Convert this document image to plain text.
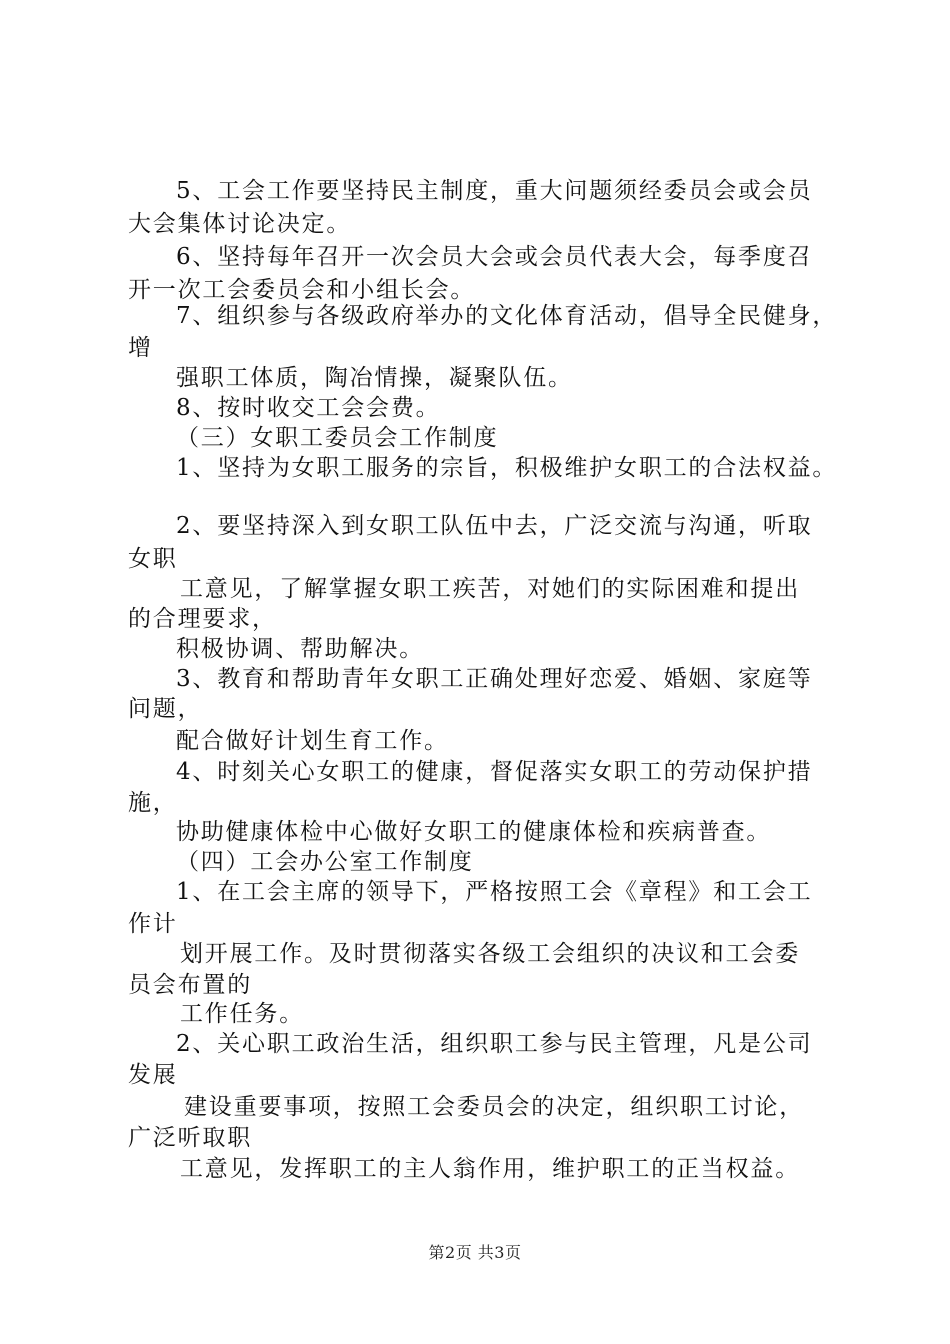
5、工会工作要坚持民主制度，重大问题须经委员会或会员
大会集体讨论决定。
6、坚持每年召开一次会员大会或会员代表大会，每季度召
开一次工会委员会和小组长会。
7、组织参与各级政府举办的文化体育活动，倡导全民健身，
增
强职工体质，陶冶情操，凝聚队伍。
8、按时收交工会会费。
（三）女职工委员会工作制度
1、坚持为女职工服务的宗旨，积极维护女职工的合法权益。
2、要坚持深入到女职工队伍中去，广泛交流与沟通，听取
女职
工意见，了解掌握女职工疾苦，对她们的实际困难和提出
的合理要求，
积极协调、帮助解决。
3、教育和帮助青年女职工正确处理好恋爱、婚姻、家庭等
问题，
配合做好计划生育工作。
4、时刻关心女职工的健康，督促落实女职工的劳动保护措
施，
协助健康体检中心做好女职工的健康体检和疾病普查。
（四）工会办公室工作制度
1、在工会主席的领导下，严格按照工会《章程》和工会工
作计
划开展工作。及时贯彻落实各级工会组织的决议和工会委
员会布置的
工作任务。
2、关心职工政治生活，组织职工参与民主管理，凡是公司
发展
建设重要事项，按照工会委员会的决定，组织职工讨论，
广泛听取职
工意见，发挥职工的主人翁作用，维护职工的正当权益。
第2页 共3页
